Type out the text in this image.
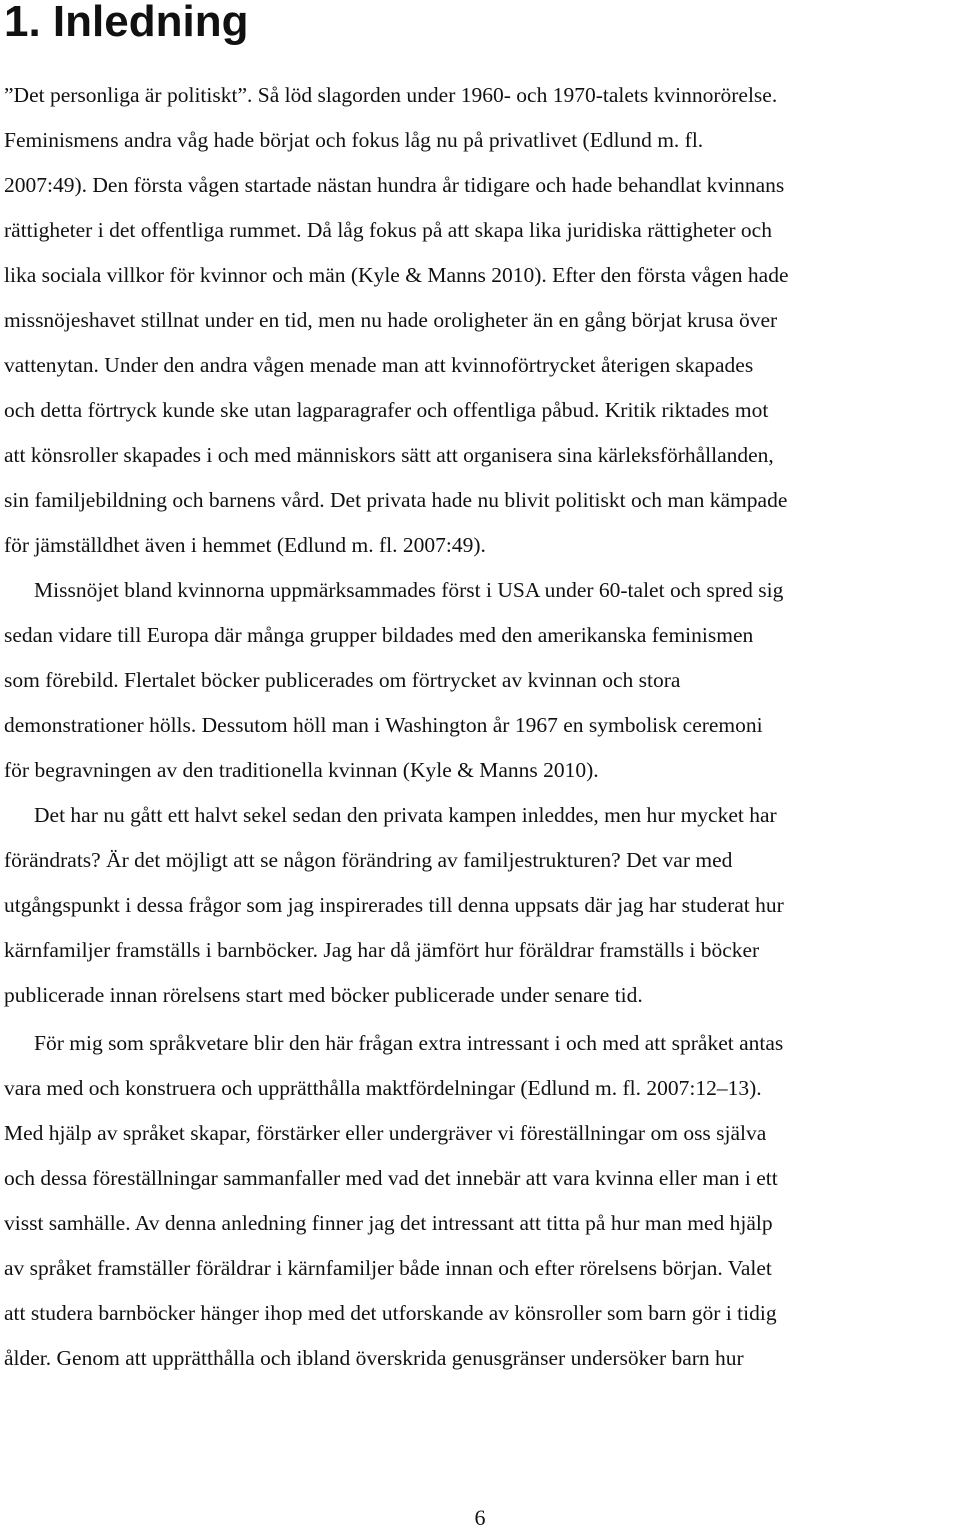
1. Inledning

”Det personliga är politiskt”. Så löd slagorden under 1960- och 1970-talets kvinnorörelse.

Feminismens andra våg hade börjat och fokus låg nu på privatlivet (Edlund m. fl.

2007:49). Den första vågen startade nästan hundra år tidigare och hade behandlat kvinnans

rättigheter i det offentliga rummet. Då låg fokus på att skapa lika juridiska rättigheter och

lika sociala villkor för kvinnor och män (Kyle & Manns 2010). Efter den första vågen hade

missnöjeshavet stillnat under en tid, men nu hade oroligheter än en gång börjat krusa över

vattenytan. Under den andra vågen menade man att kvinnoförtrycket återigen skapades

och detta förtryck kunde ske utan lagparagrafer och offentliga påbud. Kritik riktades mot

att könsroller skapades i och med människors sätt att organisera sina kärleksförhållanden,

sin familjebildning och barnens vård. Det privata hade nu blivit politiskt och man kämpade

för jämställdhet även i hemmet (Edlund m. fl. 2007:49).

Missnöjet bland kvinnorna uppmärksammades först i USA under 60-talet och spred sig

sedan vidare till Europa där många grupper bildades med den amerikanska feminismen

som förebild. Flertalet böcker publicerades om förtrycket av kvinnan och stora

demonstrationer hölls. Dessutom höll man i Washington år 1967 en symbolisk ceremoni

för begravningen av den traditionella kvinnan (Kyle & Manns 2010).

Det har nu gått ett halvt sekel sedan den privata kampen inleddes, men hur mycket har

förändrats? Är det möjligt att se någon förändring av familjestrukturen? Det var med

utgångspunkt i dessa frågor som jag inspirerades till denna uppsats där jag har studerat hur

kärnfamiljer framställs i barnböcker. Jag har då jämfört hur föräldrar framställs i böcker

publicerade innan rörelsens start med böcker publicerade under senare tid.

För mig som språkvetare blir den här frågan extra intressant i och med att språket antas

vara med och konstruera och upprätthålla maktfördelningar (Edlund m. fl. 2007:12–13).

Med hjälp av språket skapar, förstärker eller undergräver vi föreställningar om oss själva

och dessa föreställningar sammanfaller med vad det innebär att vara kvinna eller man i ett

visst samhälle. Av denna anledning finner jag det intressant att titta på hur man med hjälp

av språket framställer föräldrar i kärnfamiljer både innan och efter rörelsens början. Valet

att studera barnböcker hänger ihop med det utforskande av könsroller som barn gör i tidig

ålder. Genom att upprätthålla och ibland överskrida genusgränser undersöker barn hur

6
